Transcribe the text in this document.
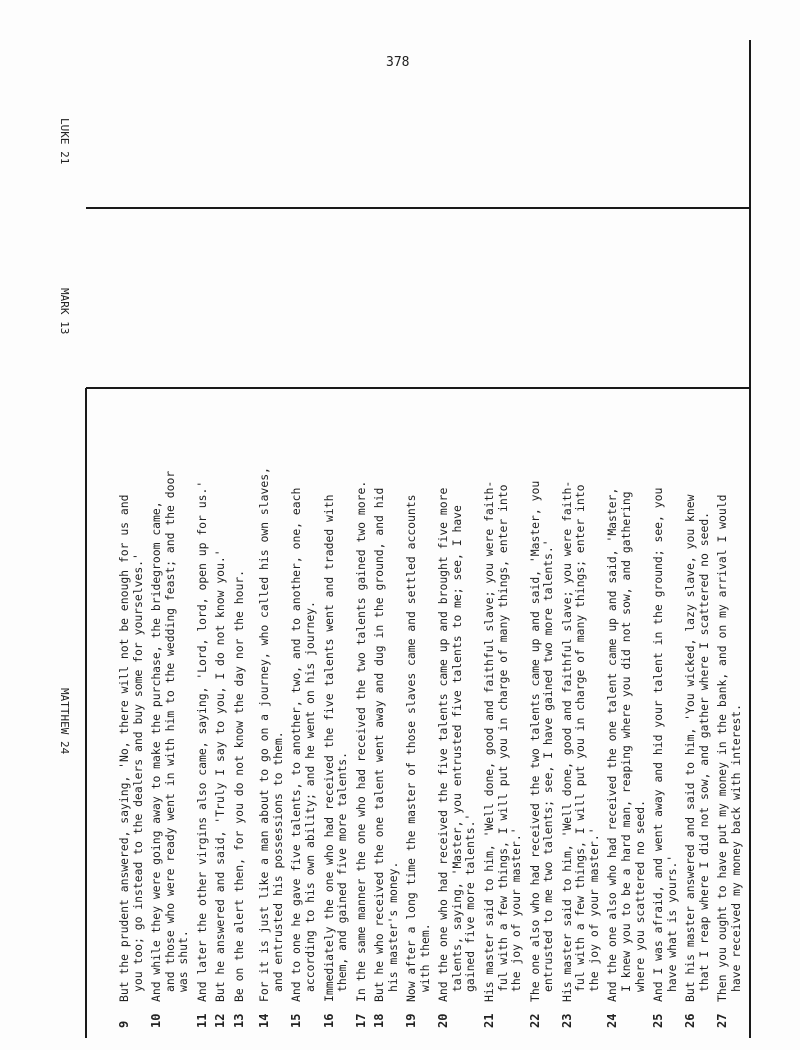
378
MATTHEW 24
MARK 13
LUKE 21
9
But the prudent answered, saying, 'No, there will not be enough for us and you too; go instead to the dealers and buy some for yourselves.'
10
And while they were going away to make the purchase, the bridegroom came, and those who were ready went in with him to the wedding feast; and the door was shut.
11
And later the other virgins also came, saying, 'Lord, lord, open up for us.'
12
But he answered and said, 'Truly I say to you, I do not know you.'
13
Be on the alert then, for you do not know the day nor the hour.
14
For it is just like a man about to go on a journey, who called his own slaves, and entrusted his possessions to them.
15
And to one he gave five talents, to another, two, and to another, one, each according to his own ability; and he went on his journey.
16
Immediately the one who had received the five talents went and traded with them, and gained five more talents.
17
In the same manner the one who had received the two talents gained two more.
18
But he who received the one talent went away and dug in the ground, and hid his master's money.
19
Now after a long time the master of those slaves came and settled accounts with them.
20
And the one who had received the five talents came up and brought five more talents, saying, 'Master, you entrusted five talents to me; see, I have gained five more talents.'
21
His master said to him, 'Well done, good and faithful slave; you were faith- ful with a few things, I will put you in charge of many things, enter into the joy of your master.'
22
The one also who had received the two talents came up and said, 'Master, you entrusted to me two talents; see, I have gained two more talents.'
23
His master said to him, 'Well done, good and faithful slave; you were faith- ful with a few things, I will put you in charge of many things; enter into the joy of your master.'
24
And the one also who had received the one talent came up and said, 'Master, I knew you to be a hard man, reaping where you did not sow, and gathering where you scattered no seed.
25
And I was afraid, and went away and hid your talent in the ground; see, you have what is yours.'
26
But his master answered and said to him, 'You wicked, lazy slave, you knew that I reap where I did not sow, and gather where I scattered no seed.
27
Then you ought to have put my money in the bank, and on my arrival I would have received my money back with interest.
